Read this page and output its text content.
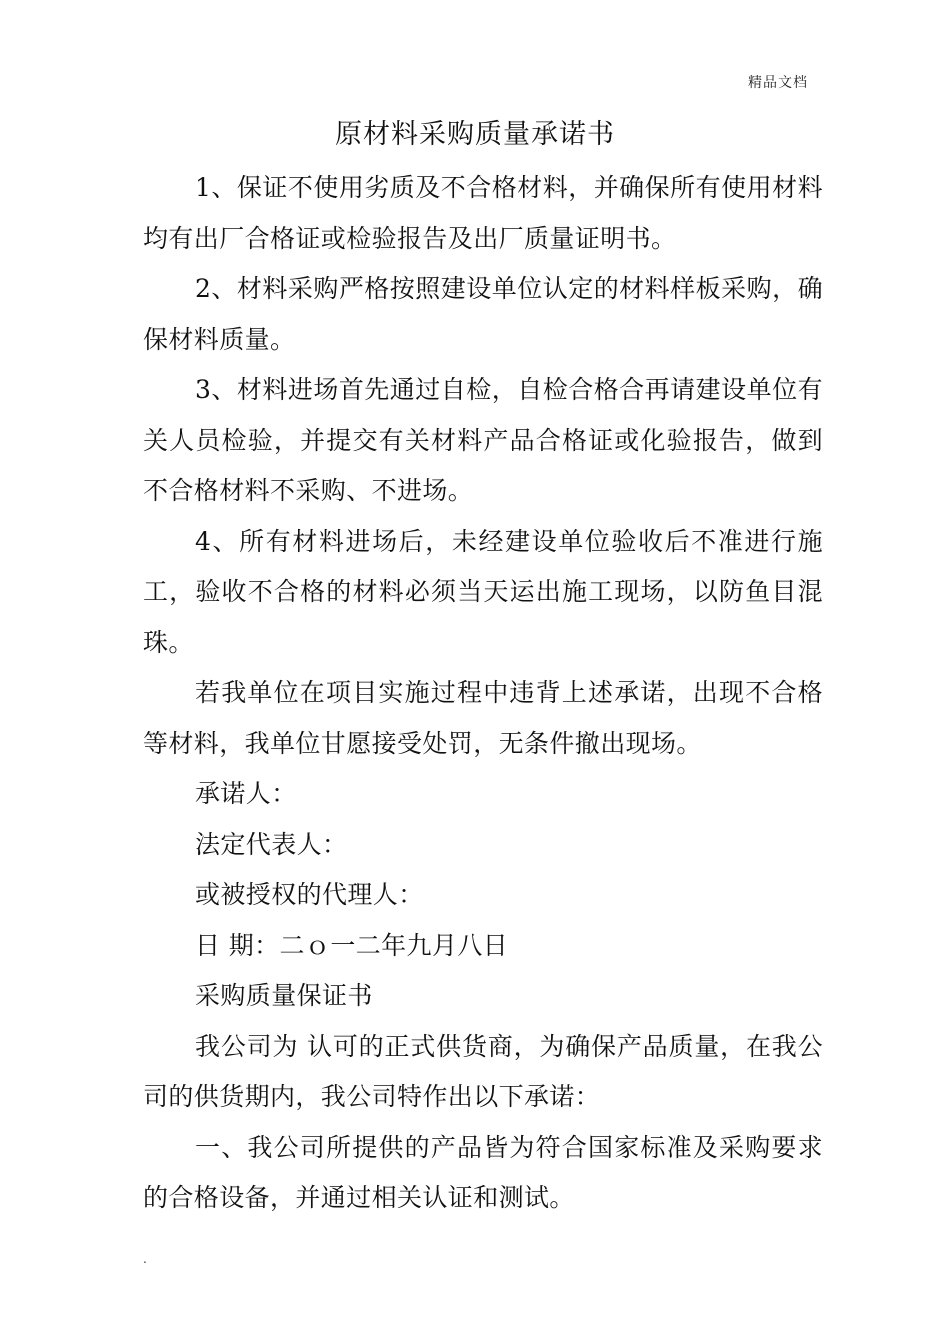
精品文档
原材料采购质量承诺书

1、保证不使用劣质及不合格材料，并确保所有使用材料均有出厂合格证或检验报告及出厂质量证明书。

2、材料采购严格按照建设单位认定的材料样板采购，确保材料质量。

3、材料进场首先通过自检，自检合格合再请建设单位有关人员检验，并提交有关材料产品合格证或化验报告，做到不合格材料不采购、不进场。

4、所有材料进场后，未经建设单位验收后不准进行施工，验收不合格的材料必须当天运出施工现场，以防鱼目混珠。

若我单位在项目实施过程中违背上述承诺，出现不合格等材料，我单位甘愿接受处罚，无条件撤出现场。

承诺人：

法定代表人：

或被授权的代理人：

日 期：二ｏ一二年九月八日

采购质量保证书

我公司为 认可的正式供货商，为确保产品质量，在我公司的供货期内，我公司特作出以下承诺：

一、我公司所提供的产品皆为符合国家标准及采购要求的合格设备，并通过相关认证和测试。

.
